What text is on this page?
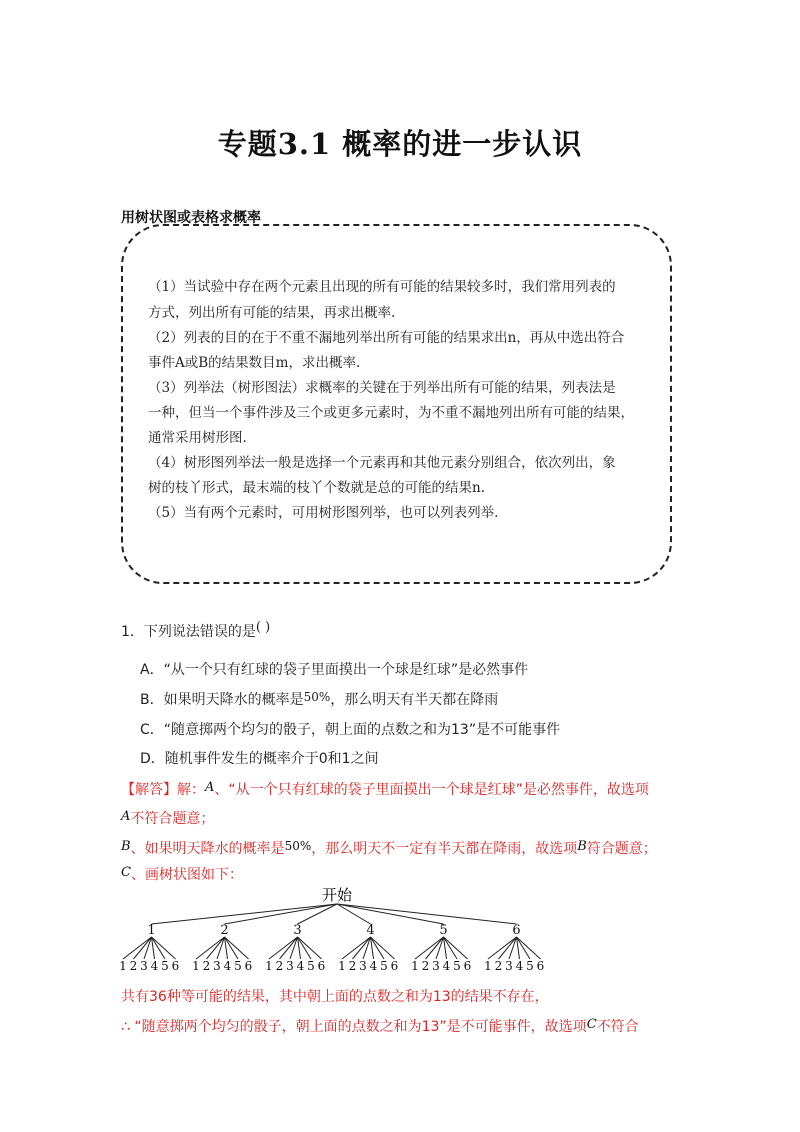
专题3.1 概率的进一步认识
用树状图或表格求概率
（1）当试验中存在两个元素且出现的所有可能的结果较多时，我们常用列表的
方式，列出所有可能的结果，再求出概率.
（2）列表的目的在于不重不漏地列举出所有可能的结果求出n，再从中选出符合
事件A或B的结果数目m，求出概率.
（3）列举法（树形图法）求概率的关键在于列举出所有可能的结果，列表法是
一种，但当一个事件涉及三个或更多元素时，为不重不漏地列出所有可能的结果，
通常采用树形图.
（4）树形图列举法一般是选择一个元素再和其他元素分别组合，依次列出，象
树的枝丫形式，最末端的枝丫个数就是总的可能的结果n.
（5）当有两个元素时，可用树形图列举，也可以列表列举.
1．下列说法错误的是( )
A．“从一个只有红球的袋子里面摸出一个球是红球”是必然事件
B．如果明天降水的概率是50%，那么明天有半天都在降雨
C．“随意掷两个均匀的骰子，朝上面的点数之和为13”是不可能事件
D．随机事件发生的概率介于0和1之间
【解答】解：A、“从一个只有红球的袋子里面摸出一个球是红球”是必然事件，故选项
A不符合题意；
B、如果明天降水的概率是50%，那么明天不一定有半天都在降雨，故选项B符合题意；
C、画树状图如下：
开始
1
1 2 3 4 5 6
2
1 2 3 4 5 6
3
1 2 3 4 5 6
4
1 2 3 4 5 6
5
1 2 3 4 5 6
6
1 2 3 4 5 6
共有36种等可能的结果，其中朝上面的点数之和为13的结果不存在，
∴ “随意掷两个均匀的骰子，朝上面的点数之和为13”是不可能事件，故选项C不符合
